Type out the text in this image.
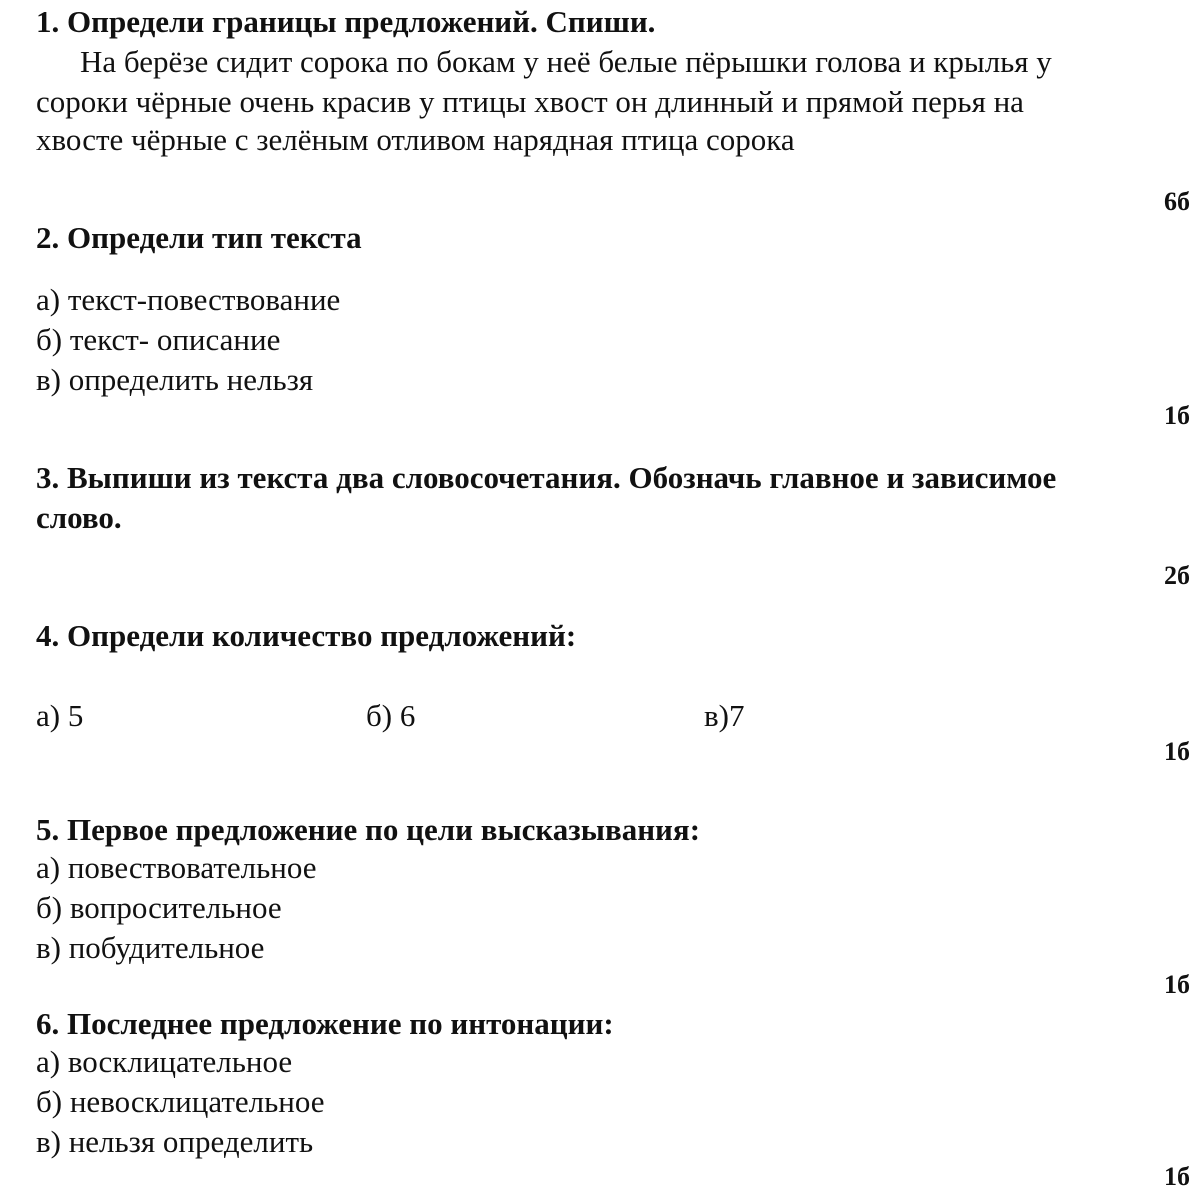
1. Определи границы предложений. Спиши.
На берёзе сидит сорока по бокам у неё белые пёрышки голова и крылья у
сороки чёрные очень красив у птицы хвост он длинный и прямой перья на
хвосте чёрные с зелёным отливом нарядная птица сорока
6б
2. Определи тип текста
а) текст-повествование
б) текст- описание
в) определить нельзя
1б
3. Выпиши из текста два словосочетания. Обозначь главное и зависимое
слово.
2б
4. Определи количество предложений:
а) 5	б) 6	в)7
1б
5. Первое предложение по цели высказывания:
а) повествовательное
б) вопросительное
в) побудительное
1б
6. Последнее предложение по интонации:
а) восклицательное
б) невосклицательное
в) нельзя определить
1б
